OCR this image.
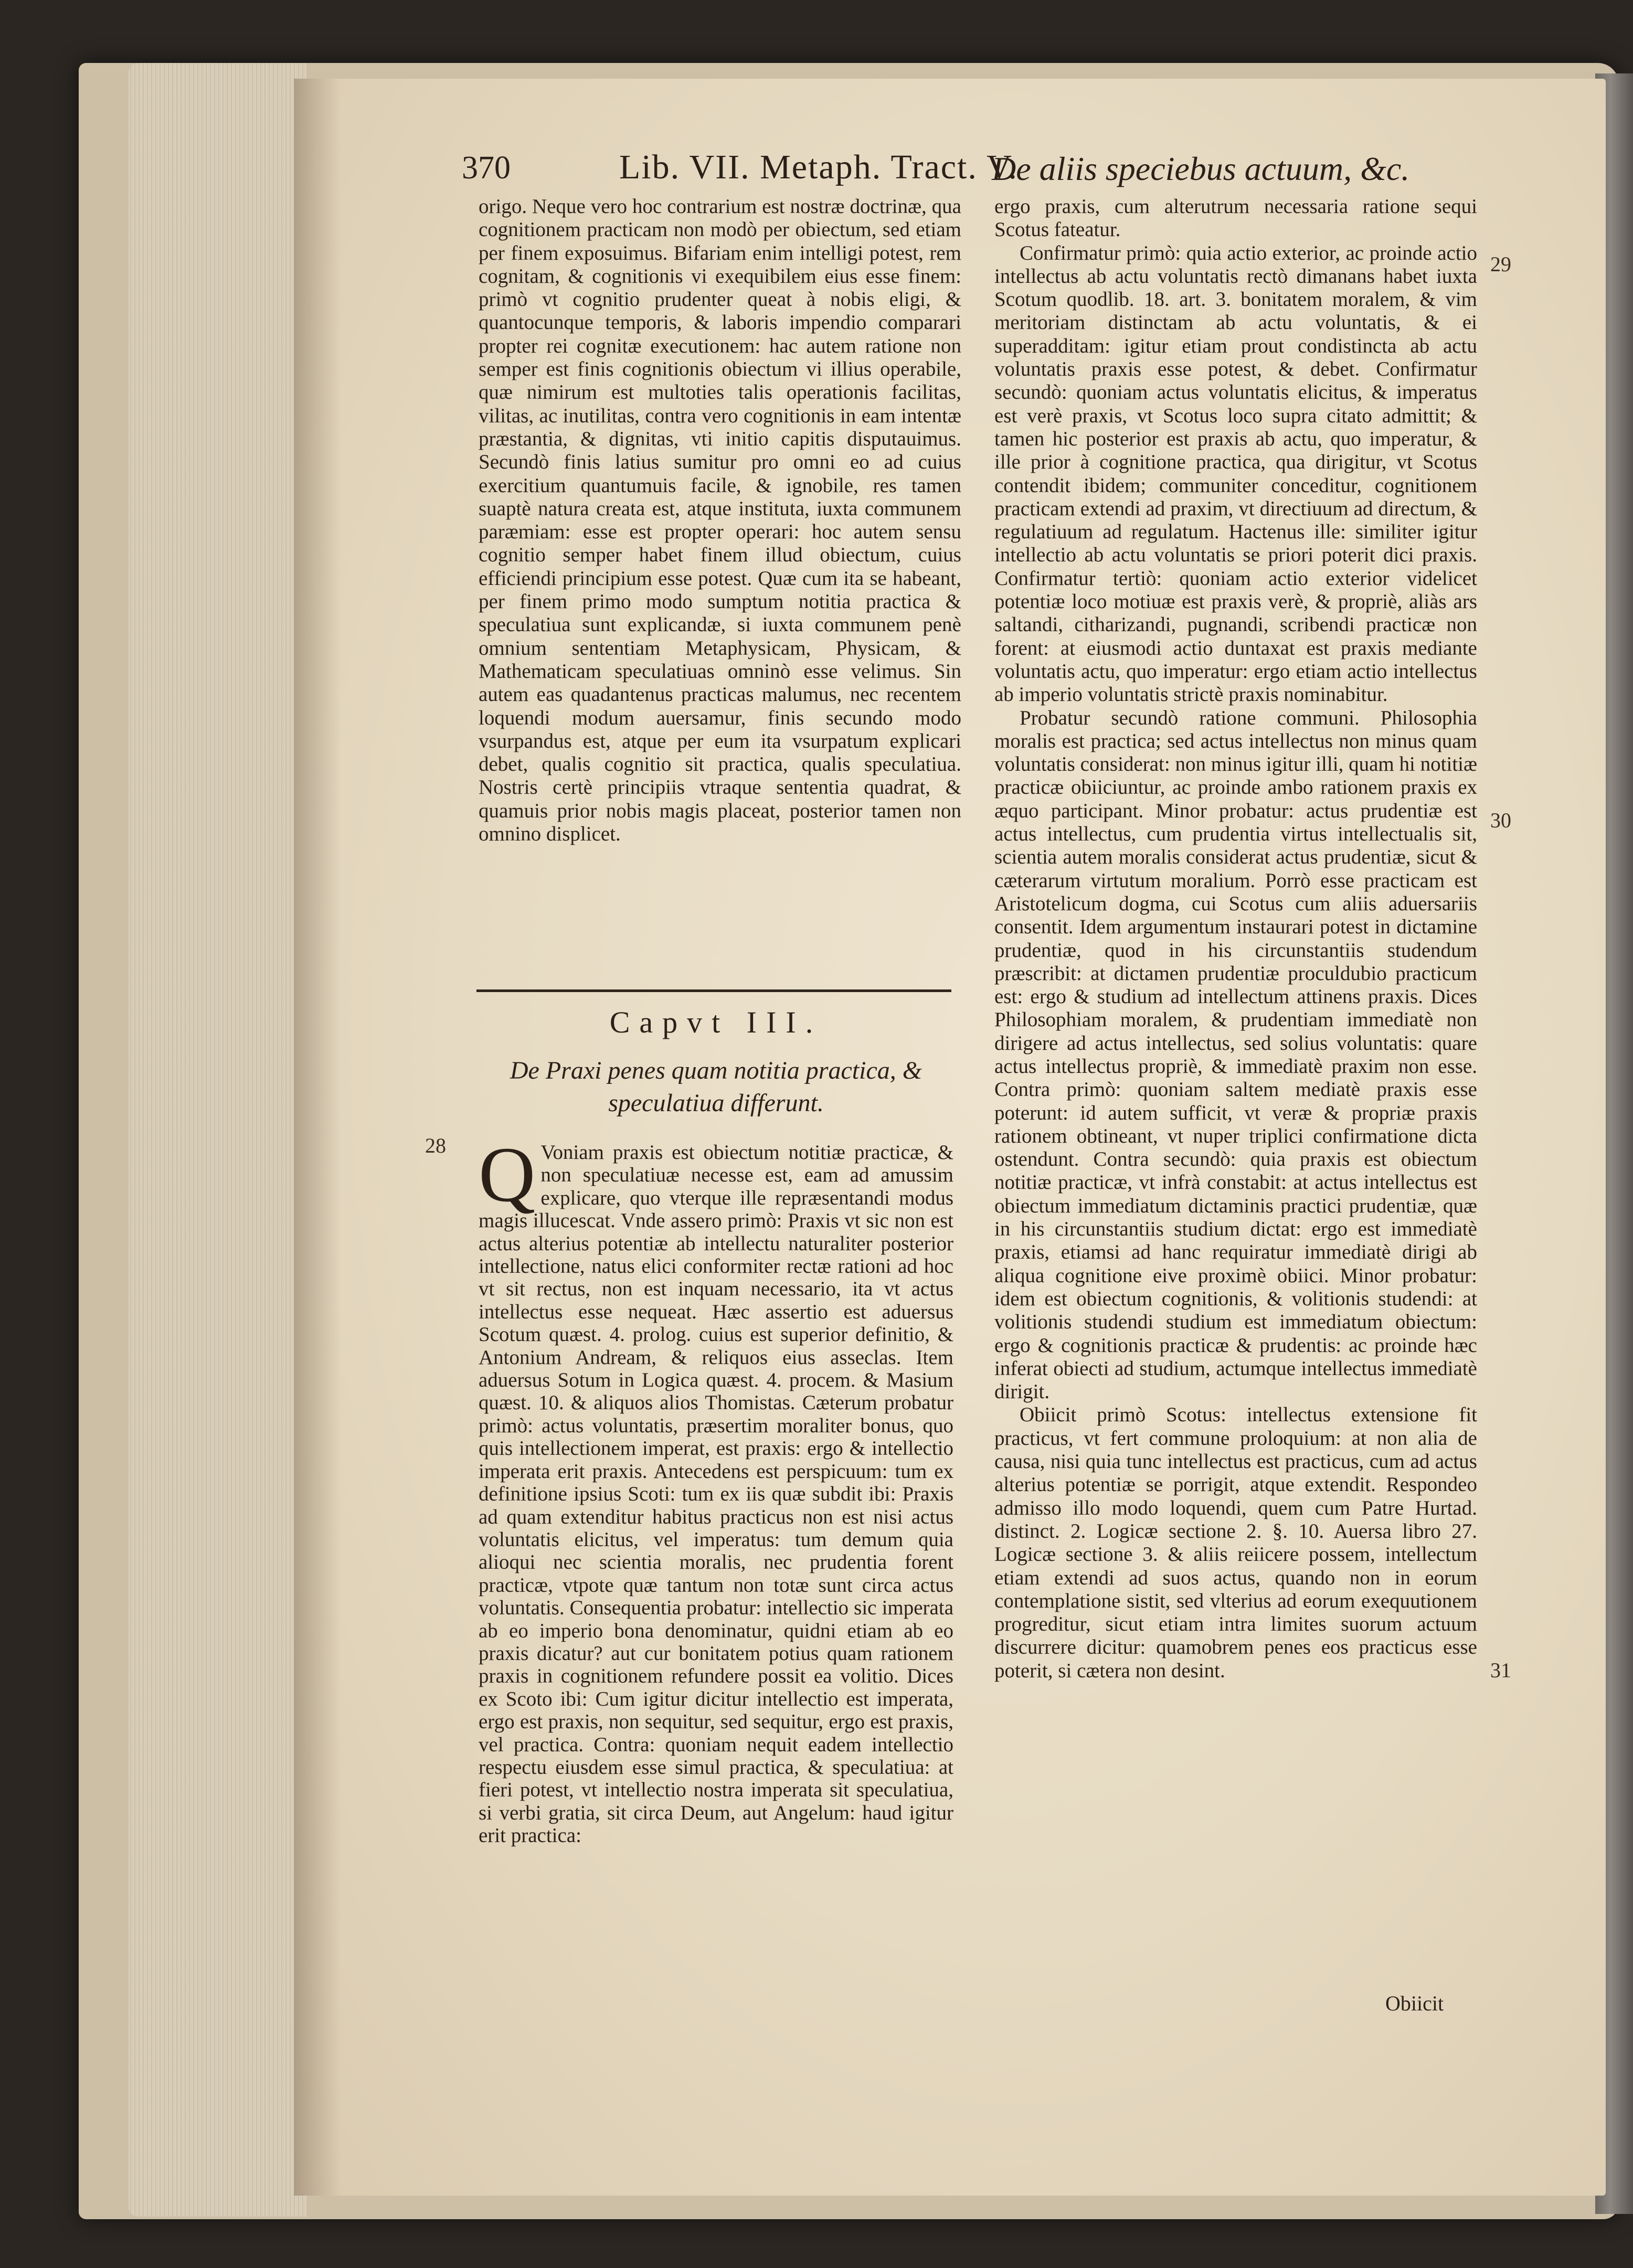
370	Lib. VII. Metaph. Tract. V.
De aliis speciebus actuum, &c.

origo. Neque vero hoc contrarium est nostræ doctrinæ, qua cognitionem practicam non modò per obiectum, sed etiam per finem exposuimus. Bifariam enim intelligi potest, rem cognitam, & cognitionis vi exequibilem eius esse finem: primò vt cognitio prudenter queat à nobis eligi, & quantocunque temporis, & laboris impendio comparari propter rei cognitæ executionem: hac autem ratione non semper est finis cognitionis obiectum vi illius operabile, quæ nimirum est multoties talis operationis facilitas, vilitas, ac inutilitas, contra vero cognitionis in eam intentæ præstantia, & dignitas, vti initio capitis disputauimus. Secundò finis latius sumitur pro omni eo ad cuius exercitium quantumuis facile, & ignobile, res tamen suaptè natura creata est, atque instituta, iuxta communem paræmiam: esse est propter operari: hoc autem sensu cognitio semper habet finem illud obiectum, cuius efficiendi principium esse potest. Quæ cum ita se habeant, per finem primo modo sumptum notitia practica & speculatiua sunt explicandæ, si iuxta communem penè omnium sententiam Metaphysicam, Physicam, & Mathematicam speculatiuas omninò esse velimus. Sin autem eas quadantenus practicas malumus, nec recentem loquendi modum auersamur, finis secundo modo vsurpandus est, atque per eum ita vsurpatum explicari debet, qualis cognitio sit practica, qualis speculatiua. Nostris certè principiis vtraque sententia quadrat, & quamuis prior nobis magis placeat, posterior tamen non omnino displicet.

Capvt III.
De Praxi penes quam notitia practica, &
speculatiua differunt.
Q Voniam praxis est obiectum notitiæ practicæ, & non speculatiuæ necesse est, eam ad amussim explicare, quo vterque ille repræsentandi modus magis illucescat. Vnde assero primò: Praxis vt sic non est actus alterius potentiæ ab intellectu naturaliter posterior intellectione, natus elici conformiter rectæ rationi ad hoc vt sit rectus, non est inquam necessario, ita vt actus intellectus esse nequeat. Hæc assertio est aduersus Scotum quæst. 4. prolog. cuius est superior definitio, & Antonium Andream, & reliquos eius asseclas. Item aduersus Sotum in Logica quæst. 4. procem. & Masium quæst. 10. & aliquos alios Thomistas. Cæterum probatur primò: actus voluntatis, præsertim moraliter bonus, quo quis intellectionem imperat, est praxis: ergo & intellectio imperata erit praxis. Antecedens est perspicuum: tum ex definitione ipsius Scoti: tum ex iis quæ subdit ibi: Praxis ad quam extenditur habitus practicus non est nisi actus voluntatis elicitus, vel imperatus: tum demum quia alioqui nec scientia moralis, nec prudentia forent practicæ, vtpote quæ tantum non totæ sunt circa actus voluntatis. Consequentia probatur: intellectio sic imperata ab eo imperio bona denominatur, quidni etiam ab eo praxis dicatur? aut cur bonitatem potius quam rationem praxis in cognitionem refundere possit ea volitio. Dices ex Scoto ibi: Cum igitur dicitur intellectio est imperata, ergo est praxis, non sequitur, sed sequitur, ergo est praxis, vel practica. Contra: quoniam nequit eadem intellectio respectu eiusdem esse simul practica, & speculatiua: at fieri potest, vt intellectio nostra imperata sit speculatiua, si verbi gratia, sit circa Deum, aut Angelum: haud igitur erit practica:

ergo praxis, cum alterutrum necessaria ratione sequi Scotus fateatur.

Confirmatur primò: quia actio exterior, ac proinde actio intellectus ab actu voluntatis rectò dimanans habet iuxta Scotum quodlib. 18. art. 3. bonitatem moralem, & vim meritoriam distinctam ab actu voluntatis, & ei superadditam: igitur etiam prout condistincta ab actu voluntatis praxis esse potest, & debet. Confirmatur secundò: quoniam actus voluntatis elicitus, & imperatus est verè praxis, vt Scotus loco supra citato admittit; & tamen hic posterior est praxis ab actu, quo imperatur, & ille prior à cognitione practica, qua dirigitur, vt Scotus contendit ibidem; communiter conceditur, cognitionem practicam extendi ad praxim, vt directiuum ad directum, & regulatiuum ad regulatum. Hactenus ille: similiter igitur intellectio ab actu voluntatis se priori poterit dici praxis. Confirmatur tertiò: quoniam actio exterior videlicet potentiæ loco motiuæ est praxis verè, & propriè, aliàs ars saltandi, citharizandi, pugnandi, scribendi practicæ non forent: at eiusmodi actio duntaxat est praxis mediante voluntatis actu, quo imperatur: ergo etiam actio intellectus ab imperio voluntatis strictè praxis nominabitur.

Probatur secundò ratione communi. Philosophia moralis est practica; sed actus intellectus non minus quam voluntatis considerat: non minus igitur illi, quam hi notitiæ practicæ obiiciuntur, ac proinde ambo rationem praxis ex æquo participant. Minor probatur: actus prudentiæ est actus intellectus, cum prudentia virtus intellectualis sit, scientia autem moralis considerat actus prudentiæ, sicut & cæterarum virtutum moralium. Porrò esse practicam est Aristotelicum dogma, cui Scotus cum aliis aduersariis consentit. Idem argumentum instaurari potest in dictamine prudentiæ, quod in his circunstantiis studendum præscribit: at dictamen prudentiæ proculdubio practicum est: ergo & studium ad intellectum attinens praxis. Dices Philosophiam moralem, & prudentiam immediatè non dirigere ad actus intellectus, sed solius voluntatis: quare actus intellectus propriè, & immediatè praxim non esse. Contra primò: quoniam saltem mediatè praxis esse poterunt: id autem sufficit, vt veræ & propriæ praxis rationem obtineant, vt nuper triplici confirmatione dicta ostendunt. Contra secundò: quia praxis est obiectum notitiæ practicæ, vt infrà constabit: at actus intellectus est obiectum immediatum dictaminis practici prudentiæ, quæ in his circunstantiis studium dictat: ergo est immediatè praxis, etiamsi ad hanc requiratur immediatè dirigi ab aliqua cognitione eive proximè obiici. Minor probatur: idem est obiectum cognitionis, & volitionis studendi: at volitionis studendi studium est immediatum obiectum: ergo & cognitionis practicæ & prudentis: ac proinde hæc inferat obiecti ad studium, actumque intellectus immediatè dirigit.

Obiicit primò Scotus: intellectus extensione fit practicus, vt fert commune proloquium: at non alia de causa, nisi quia tunc intellectus est practicus, cum ad actus alterius potentiæ se porrigit, atque extendit. Respondeo admisso illo modo loquendi, quem cum Patre Hurtad. distinct. 2. Logicæ sectione 2. §. 10. Auersa libro 27. Logicæ sectione 3. & aliis reiicere possem, intellectum etiam extendi ad suos actus, quando non in eorum contemplatione sistit, sed vlterius ad eorum exequutionem progreditur, sicut etiam intra limites suorum actuum discurrere dicitur: quamobrem penes eos practicus esse poterit, si cætera non desint.

28
29
30
31
Obiicit
